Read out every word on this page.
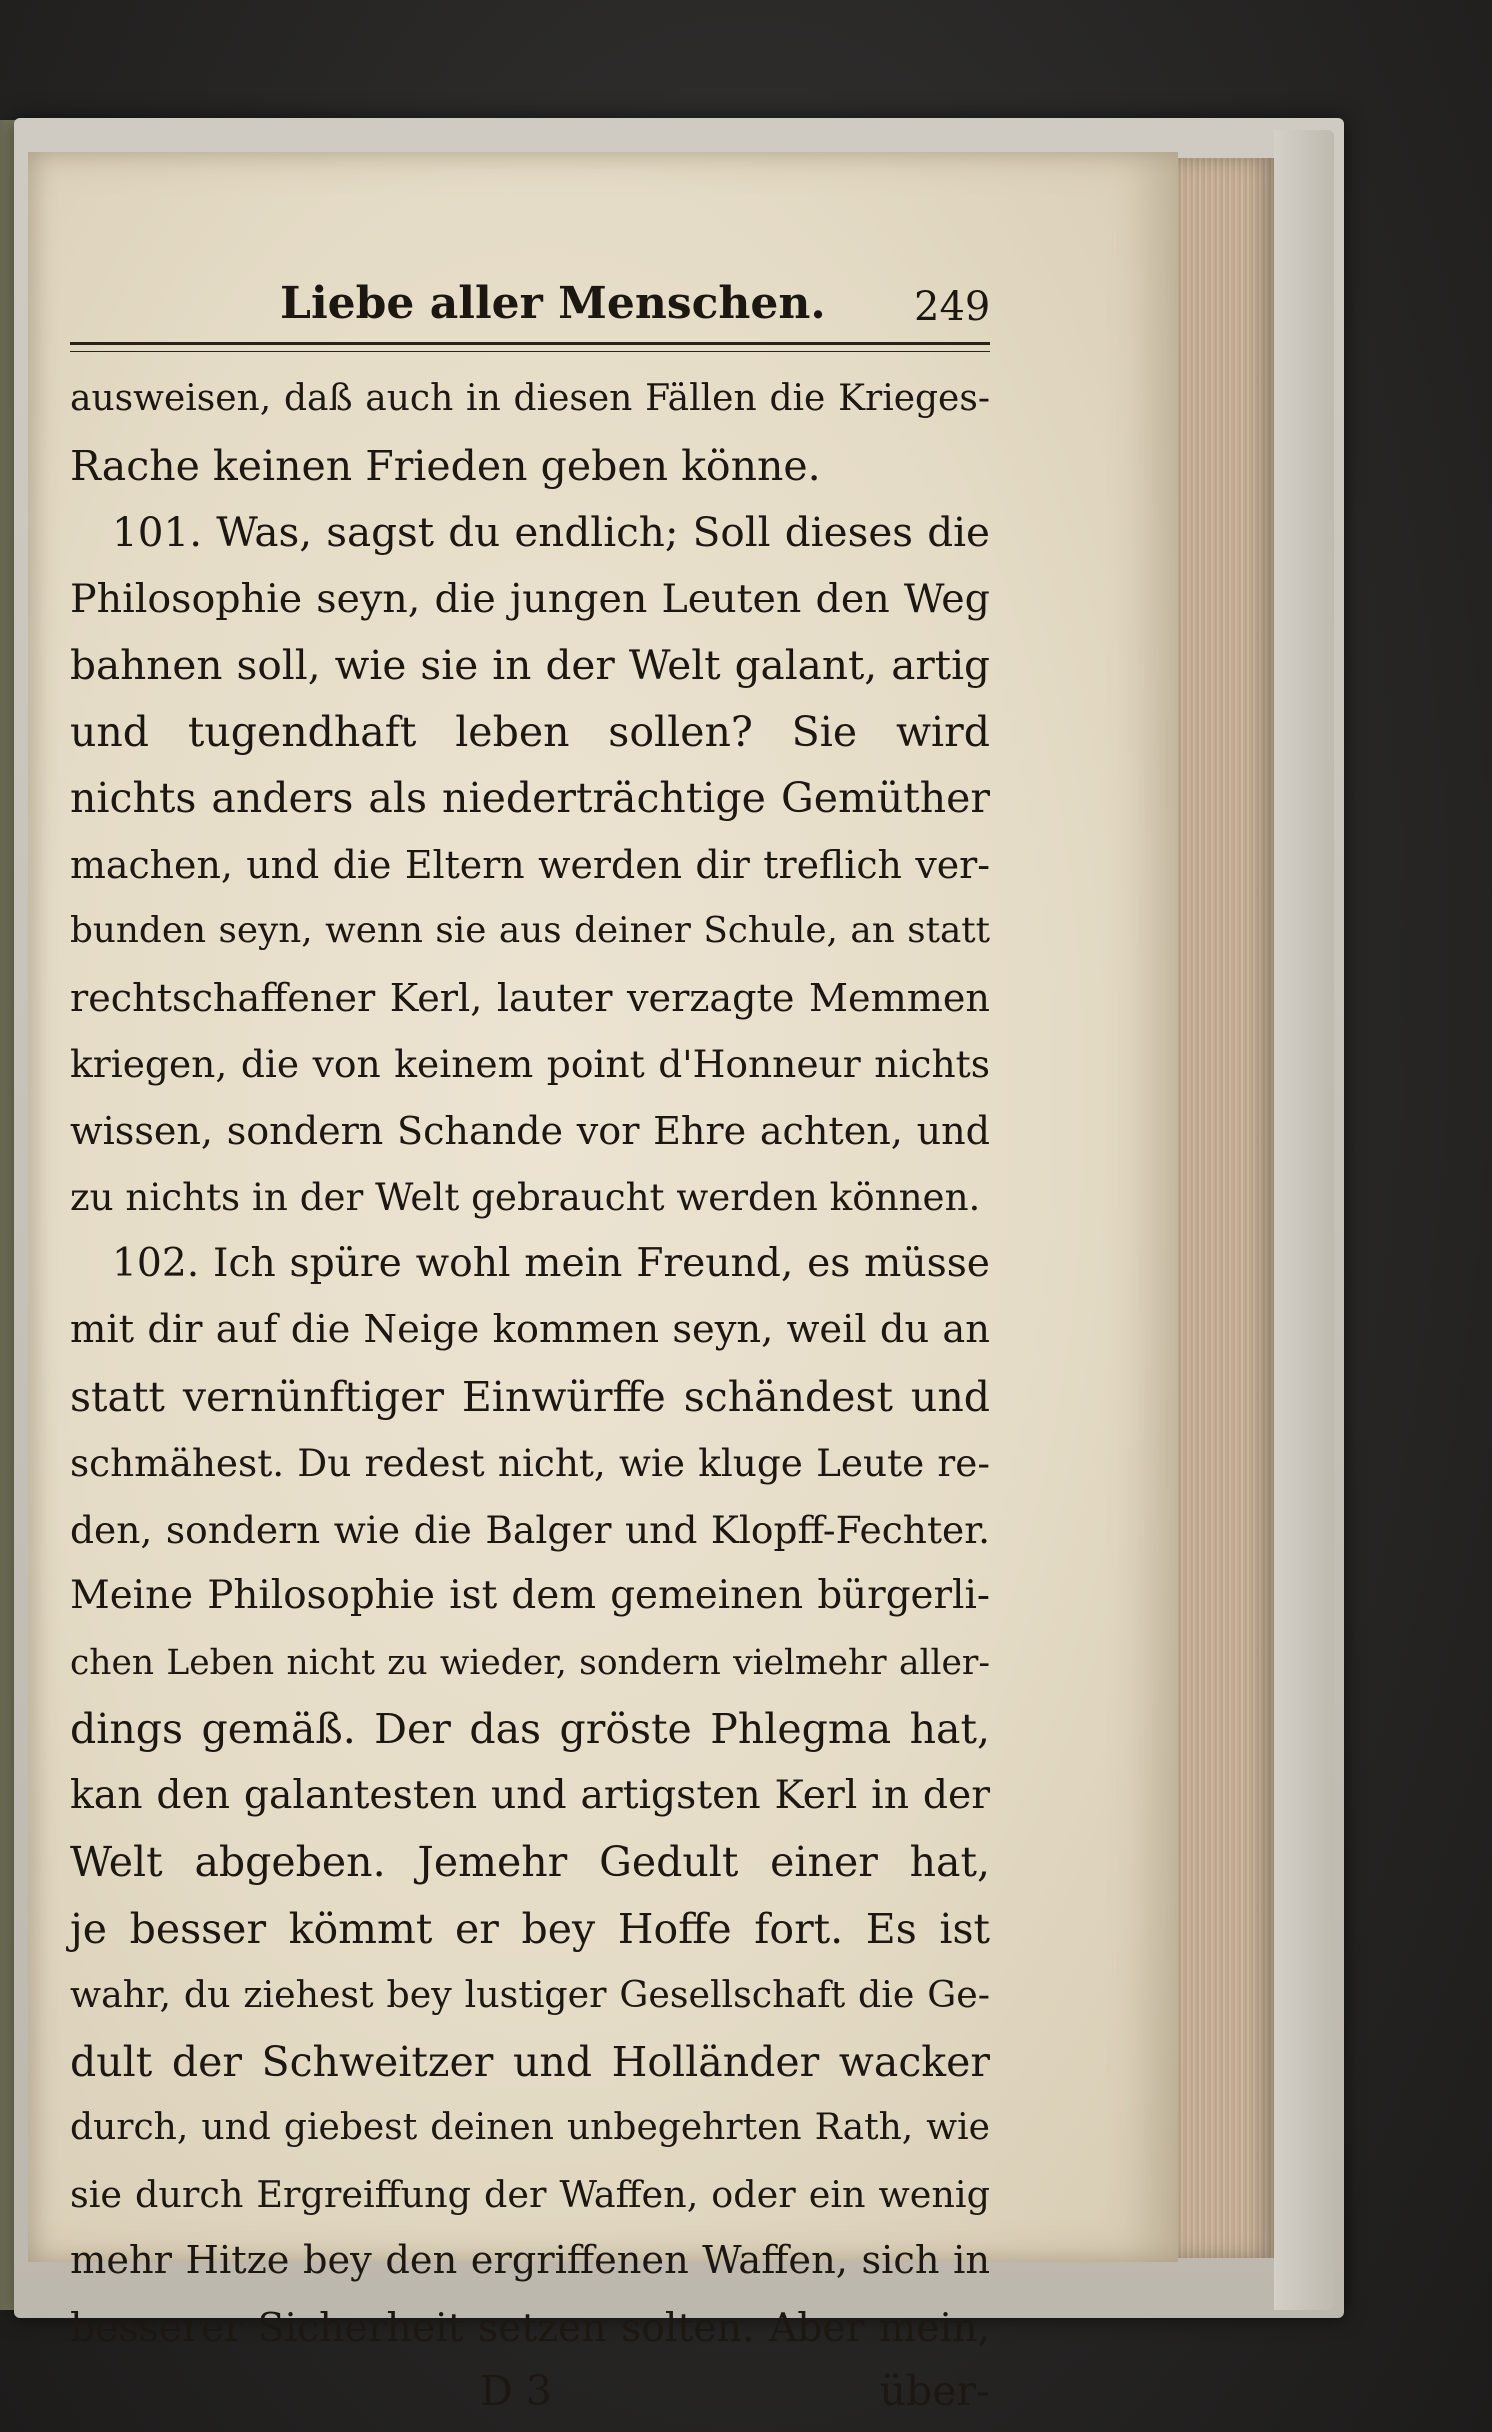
Liebe aller Menschen. 249
ausweisen, daß auch in diesen Fällen die Krieges-
Rache keinen Frieden geben könne.
101. Was, sagst du endlich; Soll dieses die
Philosophie seyn, die jungen Leuten den Weg
bahnen soll, wie sie in der Welt galant, artig
und tugendhaft leben sollen? Sie wird
nichts anders als niederträchtige Gemüther
machen, und die Eltern werden dir treflich ver-
bunden seyn, wenn sie aus deiner Schule, an statt
rechtschaffener Kerl, lauter verzagte Memmen
kriegen, die von keinem point d'Honneur nichts
wissen, sondern Schande vor Ehre achten, und
zu nichts in der Welt gebraucht werden können.
102. Ich spüre wohl mein Freund, es müsse
mit dir auf die Neige kommen seyn, weil du an
statt vernünftiger Einwürffe schändest und
schmähest. Du redest nicht, wie kluge Leute re-
den, sondern wie die Balger und Klopff-Fechter.
Meine Philosophie ist dem gemeinen bürgerli-
chen Leben nicht zu wieder, sondern vielmehr aller-
dings gemäß. Der das gröste Phlegma hat,
kan den galantesten und artigsten Kerl in der
Welt abgeben. Jemehr Gedult einer hat,
je besser kömmt er bey Hoffe fort. Es ist
wahr, du ziehest bey lustiger Gesellschaft die Ge-
dult der Schweitzer und Holländer wacker
durch, und giebest deinen unbegehrten Rath, wie
sie durch Ergreiffung der Waffen, oder ein wenig
mehr Hitze bey den ergriffenen Waffen, sich in
besserer Sicherheit setzen solten. Aber mein,
D 3	über-
